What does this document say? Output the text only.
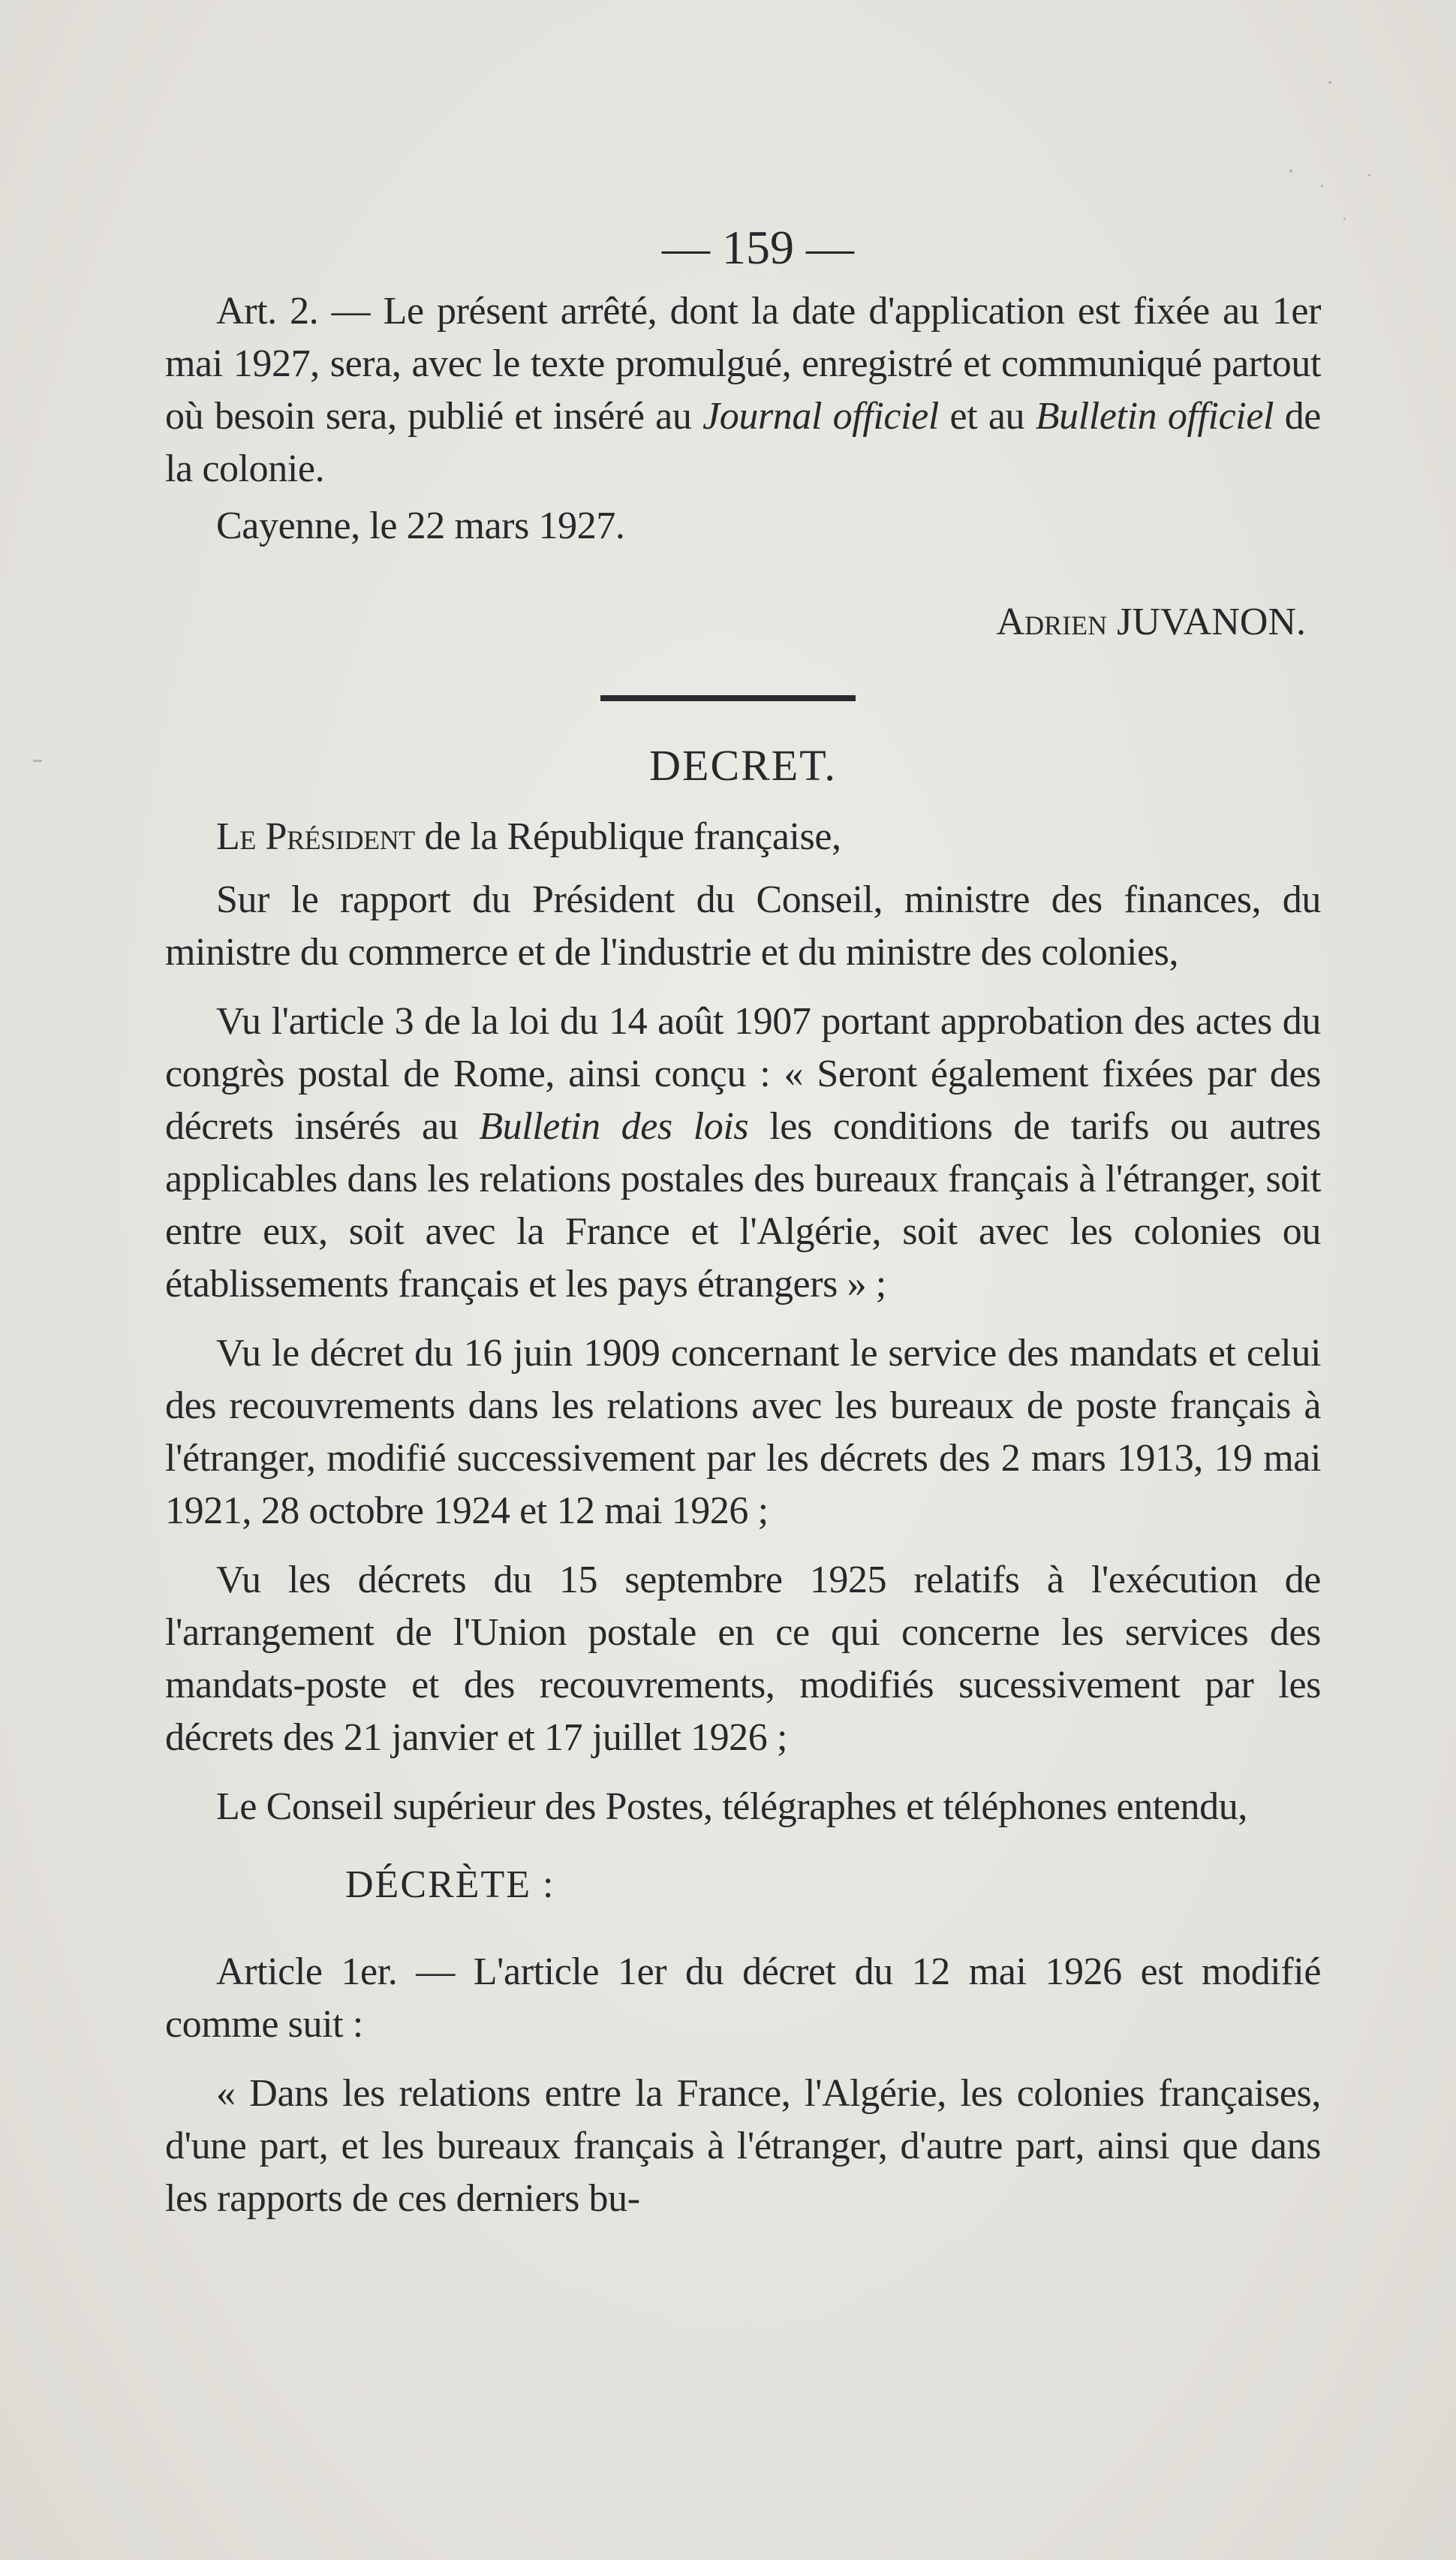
— 159 —

Art. 2. — Le présent arrêté, dont la date d'application est fixée au 1er mai 1927, sera, avec le texte promulgué, enregistré et communiqué partout où besoin sera, publié et inséré au Journal officiel et au Bulletin officiel de la colonie.

Cayenne, le 22 mars 1927.

Adrien JUVANON.
DECRET.

Le Président de la République française,

Sur le rapport du Président du Conseil, ministre des finances, du ministre du commerce et de l'industrie et du ministre des colonies,

Vu l'article 3 de la loi du 14 août 1907 portant approbation des actes du congrès postal de Rome, ainsi conçu : « Seront également fixées par des décrets insérés au Bulletin des lois les conditions de tarifs ou autres applicables dans les relations postales des bureaux français à l'étranger, soit entre eux, soit avec la France et l'Algérie, soit avec les colonies ou établissements français et les pays étrangers » ;

Vu le décret du 16 juin 1909 concernant le service des mandats et celui des recouvrements dans les relations avec les bureaux de poste français à l'étranger, modifié successivement par les décrets des 2 mars 1913, 19 mai 1921, 28 octobre 1924 et 12 mai 1926 ;

Vu les décrets du 15 septembre 1925 relatifs à l'exécution de l'arrangement de l'Union postale en ce qui concerne les services des mandats-poste et des recouvrements, modifiés sucessivement par les décrets des 21 janvier et 17 juillet 1926 ;

Le Conseil supérieur des Postes, télégraphes et téléphones entendu,

DÉCRÈTE :

Article 1er. — L'article 1er du décret du 12 mai 1926 est modifié comme suit :

« Dans les relations entre la France, l'Algérie, les colonies françaises, d'une part, et les bureaux français à l'étranger, d'autre part, ainsi que dans les rapports de ces derniers bu-
